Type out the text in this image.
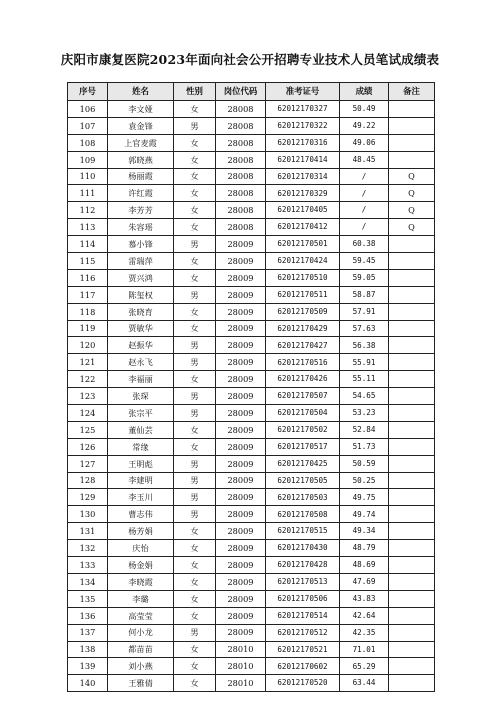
庆阳市康复医院2023年面向社会公开招聘专业技术人员笔试成绩表
序号	姓名	性别	岗位代码	准考证号	成绩	备注
106	李文娅	女	28008	62012170327	50.49	
107	袁金锋	男	28008	62012170322	49.22	
108	上官麦霞	女	28008	62012170316	49.06	
109	郭晓燕	女	28008	62012170414	48.45	
110	杨丽霞	女	28008	62012170314	/	Q
111	许红霞	女	28008	62012170329	/	Q
112	李芳芳	女	28008	62012170405	/	Q
113	朱容瑶	女	28008	62012170412	/	Q
114	慕小锋	男	28009	62012170501	60.38	
115	雷瑞萍	女	28009	62012170424	59.45	
116	贾兴鸿	女	28009	62012170510	59.05	
117	陈玺权	男	28009	62012170511	58.87	
118	张晓育	女	28009	62012170509	57.91	
119	贾敏华	女	28009	62012170429	57.63	
120	赵振华	男	28009	62012170427	56.38	
121	赵永飞	男	28009	62012170516	55.91	
122	李福丽	女	28009	62012170426	55.11	
123	张琛	男	28009	62012170507	54.65	
124	张宗平	男	28009	62012170504	53.23	
125	董仙芸	女	28009	62012170502	52.84	
126	常缘	女	28009	62012170517	51.73	
127	王明彪	男	28009	62012170425	50.59	
128	李建明	男	28009	62012170505	50.25	
129	李玉川	男	28009	62012170503	49.75	
130	曹志伟	男	28009	62012170508	49.74	
131	杨芳娟	女	28009	62012170515	49.34	
132	庆怡	女	28009	62012170430	48.79	
133	杨金娟	女	28009	62012170428	48.69	
134	李晓霞	女	28009	62012170513	47.69	
135	李璐	女	28009	62012170506	43.83	
136	高莹莹	女	28009	62012170514	42.64	
137	何小龙	男	28009	62012170512	42.35	
138	都苗苗	女	28010	62012170521	71.01	
139	刘小燕	女	28010	62012170602	65.29	
140	王雅倩	女	28010	62012170520	63.44	
